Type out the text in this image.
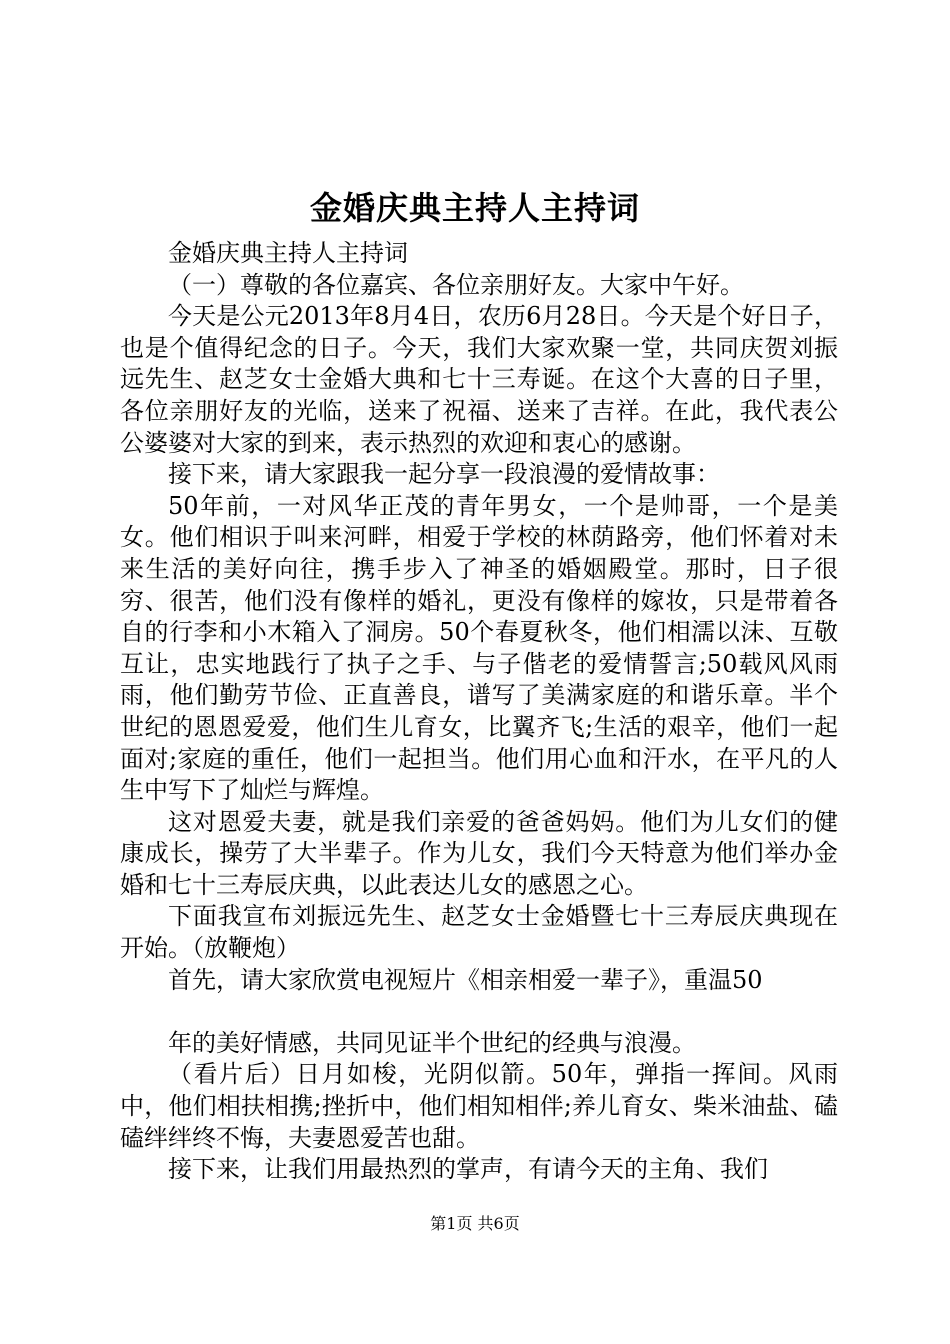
金婚庆典主持人主持词

金婚庆典主持人主持词

（一）尊敬的各位嘉宾、各位亲朋好友。大家中午好。

今天是公元2013年8月4日，农历6月28日。今天是个好日子，也是个值得纪念的日子。今天，我们大家欢聚一堂，共同庆贺刘振远先生、赵芝女士金婚大典和七十三寿诞。在这个大喜的日子里，各位亲朋好友的光临，送来了祝福、送来了吉祥。在此，我代表公公婆婆对大家的到来，表示热烈的欢迎和衷心的感谢。

接下来，请大家跟我一起分享一段浪漫的爱情故事：

50年前，一对风华正茂的青年男女，一个是帅哥，一个是美女。他们相识于叫来河畔，相爱于学校的林荫路旁，他们怀着对未来生活的美好向往，携手步入了神圣的婚姻殿堂。那时，日子很穷、很苦，他们没有像样的婚礼，更没有像样的嫁妆，只是带着各自的行李和小木箱入了洞房。50个春夏秋冬，他们相濡以沫、互敬互让，忠实地践行了执子之手、与子偕老的爱情誓言;50载风风雨雨，他们勤劳节俭、正直善良，谱写了美满家庭的和谐乐章。半个世纪的恩恩爱爱，他们生儿育女，比翼齐飞;生活的艰辛，他们一起面对;家庭的重任，他们一起担当。他们用心血和汗水，在平凡的人生中写下了灿烂与辉煌。

这对恩爱夫妻，就是我们亲爱的爸爸妈妈。他们为儿女们的健康成长，操劳了大半辈子。作为儿女，我们今天特意为他们举办金婚和七十三寿辰庆典，以此表达儿女的感恩之心。

下面我宣布刘振远先生、赵芝女士金婚暨七十三寿辰庆典现在开始。（放鞭炮）

首先，请大家欣赏电视短片《相亲相爱一辈子》，重温50

年的美好情感，共同见证半个世纪的经典与浪漫。

（看片后）日月如梭，光阴似箭。50年，弹指一挥间。风雨中，他们相扶相携;挫折中，他们相知相伴;养儿育女、柴米油盐、磕磕绊绊终不悔，夫妻恩爱苦也甜。

接下来，让我们用最热烈的掌声，有请今天的主角、我们

第1页 共6页
